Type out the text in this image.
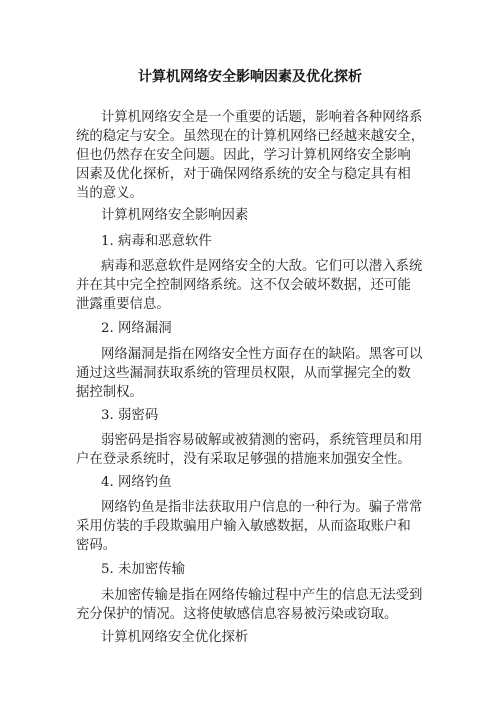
计算机网络安全影响因素及优化探析
计算机网络安全是一个重要的话题，影响着各种网络系
统的稳定与安全。虽然现在的计算机网络已经越来越安全，
但也仍然存在安全问题。因此，学习计算机网络安全影响
因素及优化探析，对于确保网络系统的安全与稳定具有相
当的意义。
计算机网络安全影响因素
1. 病毒和恶意软件
病毒和恶意软件是网络安全的大敌。它们可以潜入系统
并在其中完全控制网络系统。这不仅会破坏数据，还可能
泄露重要信息。
2. 网络漏洞
网络漏洞是指在网络安全性方面存在的缺陷。黑客可以
通过这些漏洞获取系统的管理员权限，从而掌握完全的数
据控制权。
3. 弱密码
弱密码是指容易破解或被猜测的密码，系统管理员和用
户在登录系统时，没有采取足够强的措施来加强安全性。
4. 网络钓鱼
网络钓鱼是指非法获取用户信息的一种行为。骗子常常
采用仿装的手段欺骗用户输入敏感数据，从而盗取账户和
密码。
5. 未加密传输
未加密传输是指在网络传输过程中产生的信息无法受到
充分保护的情况。这将使敏感信息容易被污染或窃取。
计算机网络安全优化探析
